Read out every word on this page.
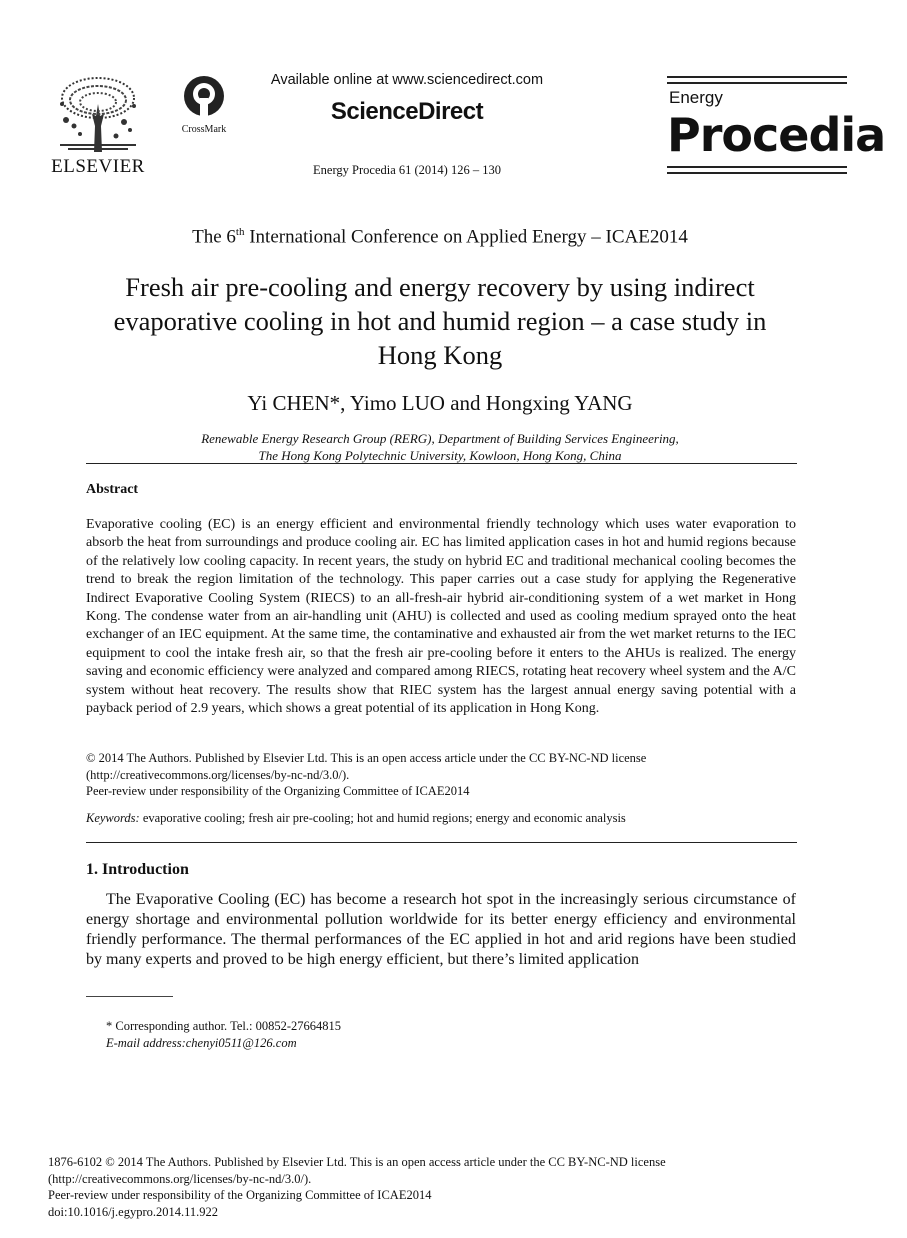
ELSEVIER
CrossMark
Available online at www.sciencedirect.com
ScienceDirect
Energy Procedia 61 (2014) 126 – 130
Energy
Procedia
The 6th International Conference on Applied Energy – ICAE2014
Fresh air pre-cooling and energy recovery by using indirect
evaporative cooling in hot and humid region – a case study in
Hong Kong
Yi CHEN*, Yimo LUO and Hongxing YANG
Renewable Energy Research Group (RERG), Department of Building Services Engineering,
The Hong Kong Polytechnic University, Kowloon, Hong Kong, China
Abstract
Evaporative cooling (EC) is an energy efficient and environmental friendly technology which uses water evaporation to absorb the heat from surroundings and produce cooling air. EC has limited application cases in hot and humid regions because of the relatively low cooling capacity. In recent years, the study on hybrid EC and traditional mechanical cooling becomes the trend to break the region limitation of the technology. This paper carries out a case study for applying the Regenerative Indirect Evaporative Cooling System (RIECS) to an all-fresh-air hybrid air-conditioning system of a wet market in Hong Kong. The condense water from an air-handling unit (AHU) is collected and used as cooling medium sprayed onto the heat exchanger of an IEC equipment. At the same time, the contaminative and exhausted air from the wet market returns to the IEC equipment to cool the intake fresh air, so that the fresh air pre-cooling before it enters to the AHUs is realized. The energy saving and economic efficiency were analyzed and compared among RIECS, rotating heat recovery wheel system and the A/C system without heat recovery. The results show that RIEC system has the largest annual energy saving potential with a payback period of 2.9 years, which shows a great potential of its application in Hong Kong.
© 2014 The Authors. Published by Elsevier Ltd. This is an open access article under the CC BY-NC-ND license
(http://creativecommons.org/licenses/by-nc-nd/3.0/).
Peer-review under responsibility of the Organizing Committee of ICAE2014
Keywords: evaporative cooling; fresh air pre-cooling; hot and humid regions; energy and economic analysis
1. Introduction
The Evaporative Cooling (EC) has become a research hot spot in the increasingly serious circumstance of energy shortage and environmental pollution worldwide for its better energy efficiency and environmental friendly performance. The thermal performances of the EC applied in hot and arid regions have been studied by many experts and proved to be high energy efficient, but there’s limited application
* Corresponding author. Tel.: 00852-27664815
E-mail address:chenyi0511@126.com
1876-6102 © 2014 The Authors. Published by Elsevier Ltd. This is an open access article under the CC BY-NC-ND license
(http://creativecommons.org/licenses/by-nc-nd/3.0/).
Peer-review under responsibility of the Organizing Committee of ICAE2014
doi:10.1016/j.egypro.2014.11.922
